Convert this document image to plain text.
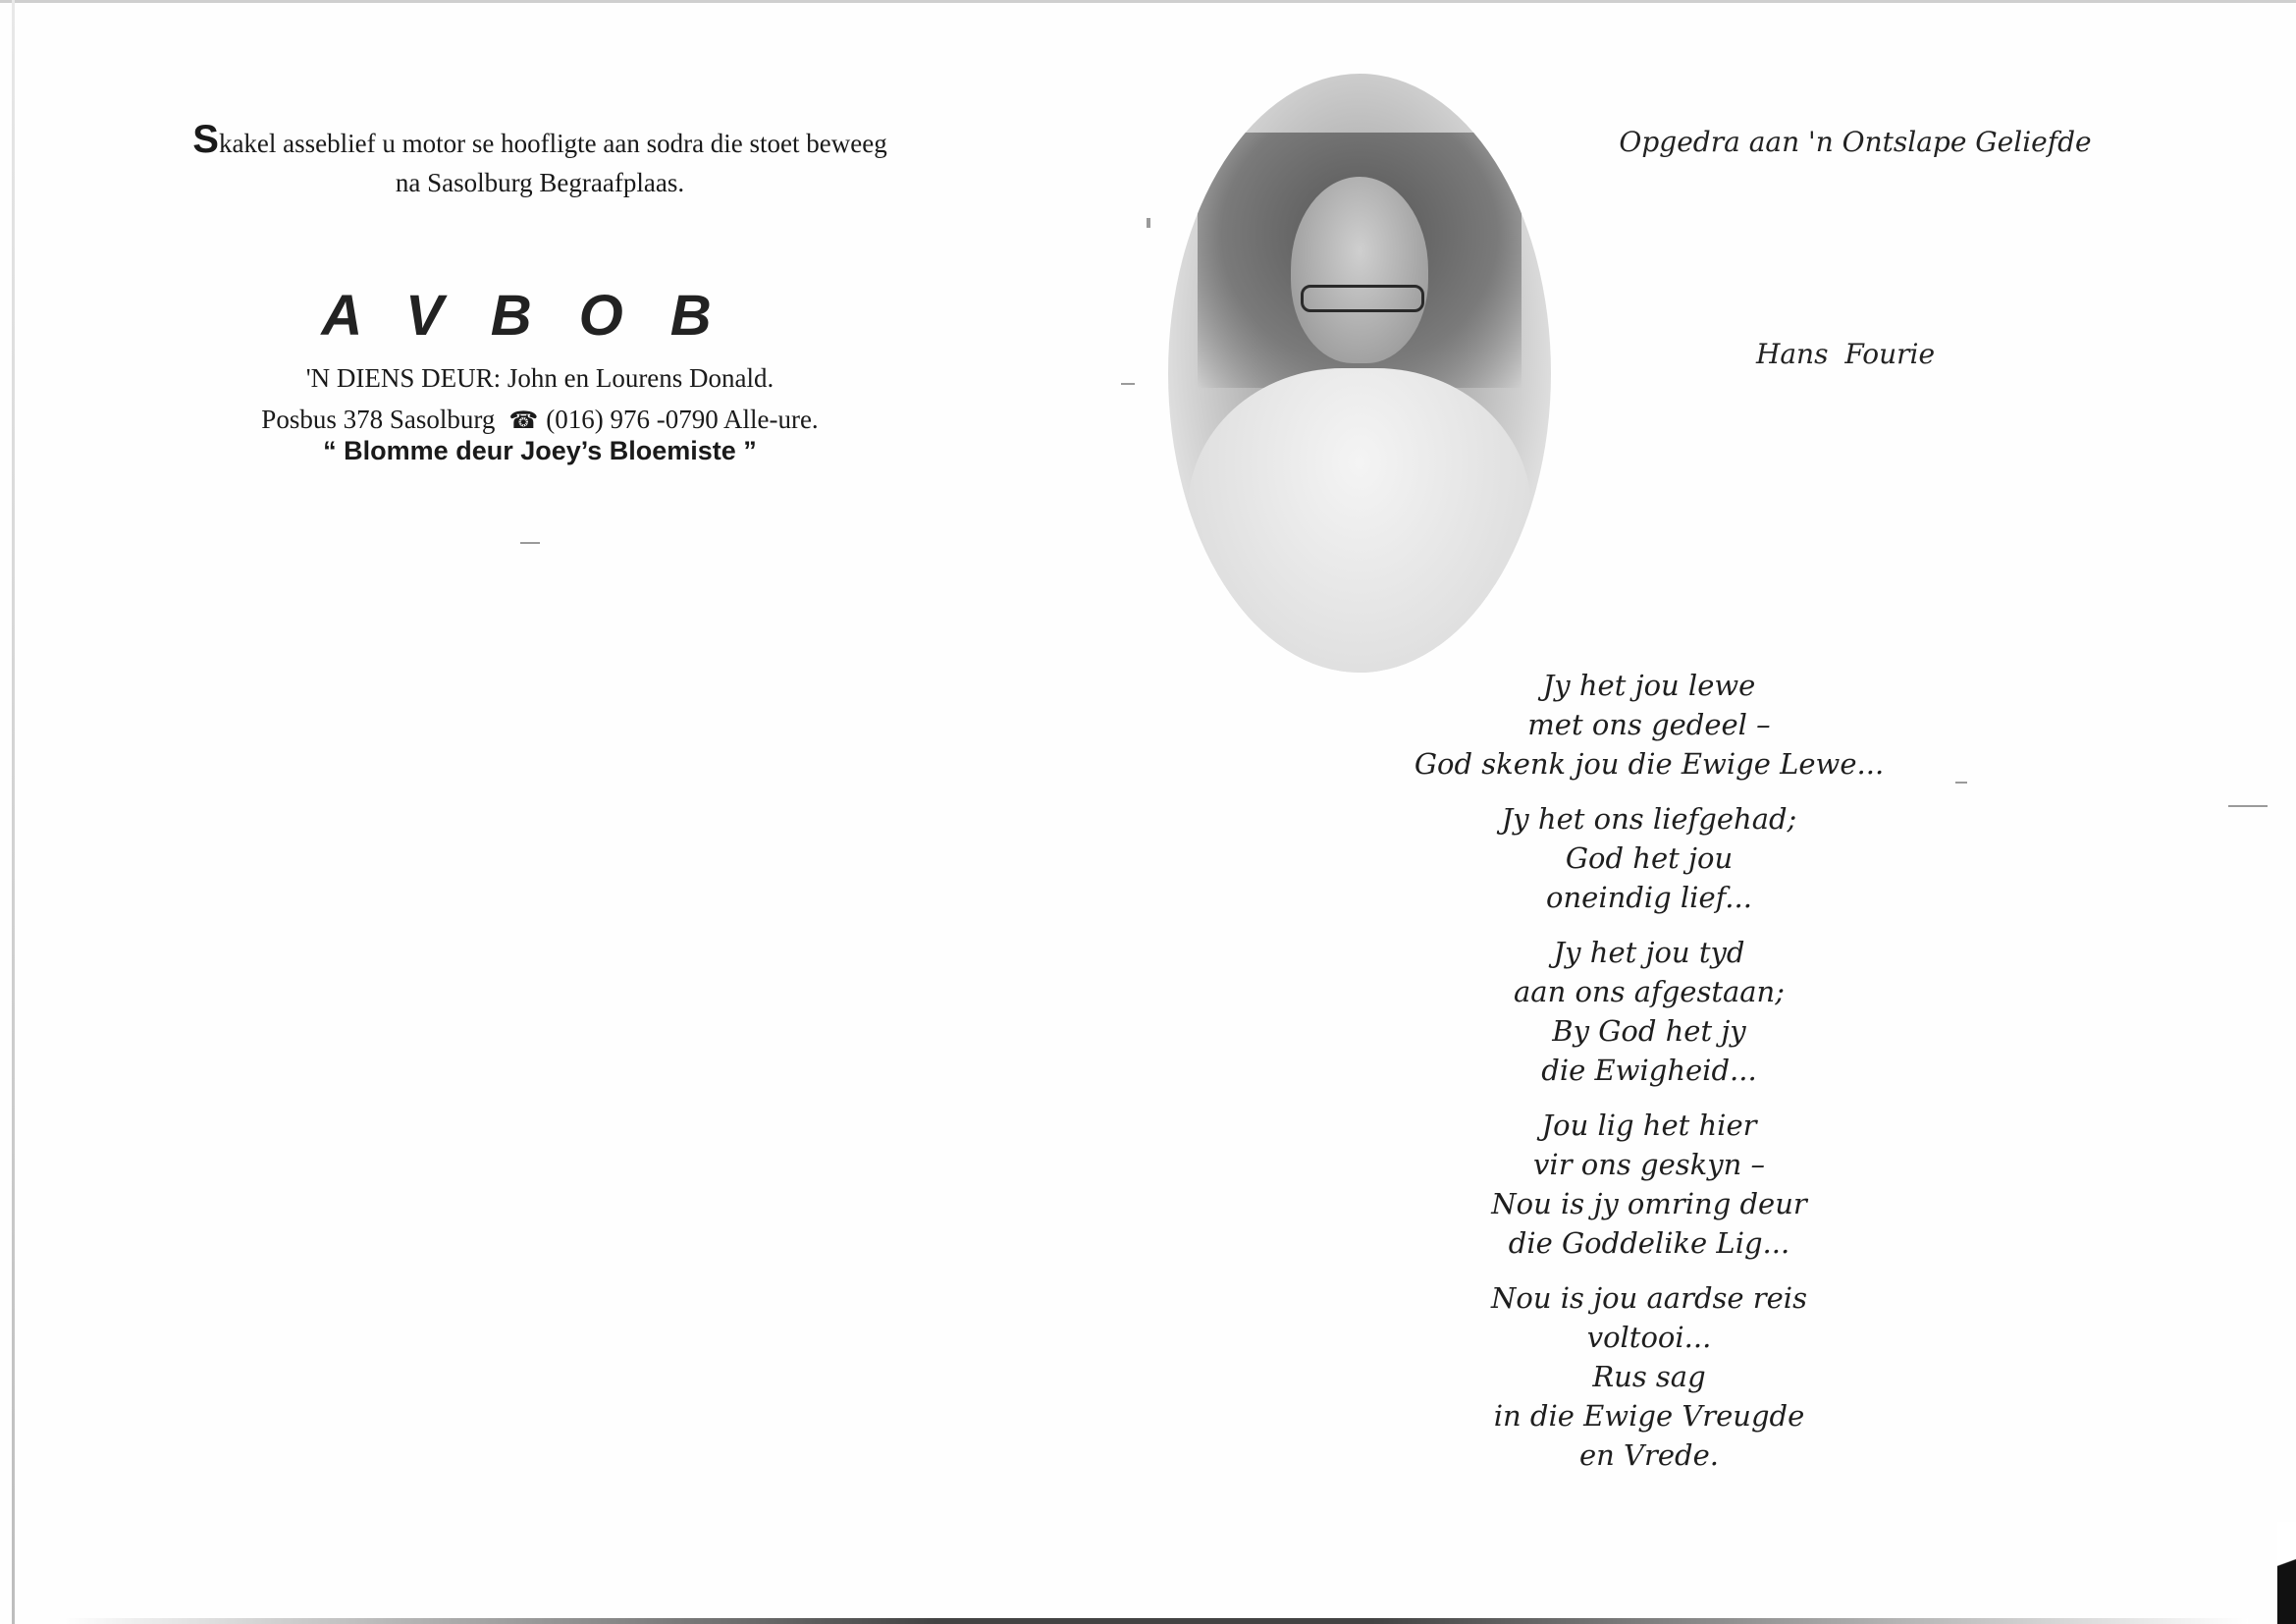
Skakel asseblief u motor se hoofligte aan sodra die stoet beweeg
na Sasolburg Begraafplaas.
AVBOB
'N DIENS DEUR: John en Lourens Donald.
Posbus 378 Sasolburg ☎ (016) 976 -0790 Alle-ure.
“ Blomme deur Joey’s Bloemiste ”
Opgedra aan 'n Ontslape Geliefde
Hans Fourie
Jy het jou lewe
met ons gedeel –
God skenk jou die Ewige Lewe...
Jy het ons liefgehad;
God het jou
oneindig lief...
Jy het jou tyd
aan ons afgestaan;
By God het jy
die Ewigheid...
Jou lig het hier
vir ons geskyn –
Nou is jy omring deur
die Goddelike Lig...
Nou is jou aardse reis
voltooi...
Rus sag
in die Ewige Vreugde
en Vrede.
